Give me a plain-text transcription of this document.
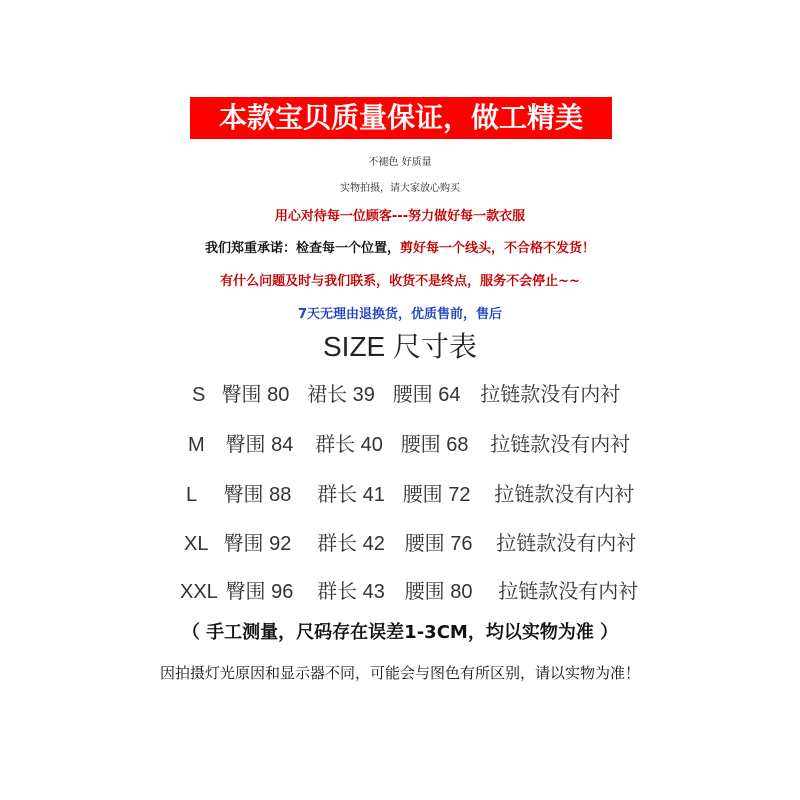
本款宝贝质量保证，做工精美
不褪色 好质量
实物拍摄，请大家放心购买
用心对待每一位顾客---努力做好每一款衣服
我们郑重承诺：检查每一个位置，剪好每一个线头，不合格不发货！
有什么问题及时与我们联系，收货不是终点，服务不会停止~~
7天无理由退换货，优质售前，售后
SIZE 尺寸表
S 臀围 80 裙长 39 腰围 64 拉链款没有内衬
M 臀围 84 群长 40 腰围 68 拉链款没有内衬
L 臀围 88 群长 41 腰围 72 拉链款没有内衬
XL 臀围 92 群长 42 腰围 76 拉链款没有内衬
XXL 臀围 96 群长 43 腰围 80 拉链款没有内衬
（ 手工测量，尺码存在误差1-3CM，均以实物为准 ）
因拍摄灯光原因和显示器不同，可能会与图色有所区别，请以实物为准！
